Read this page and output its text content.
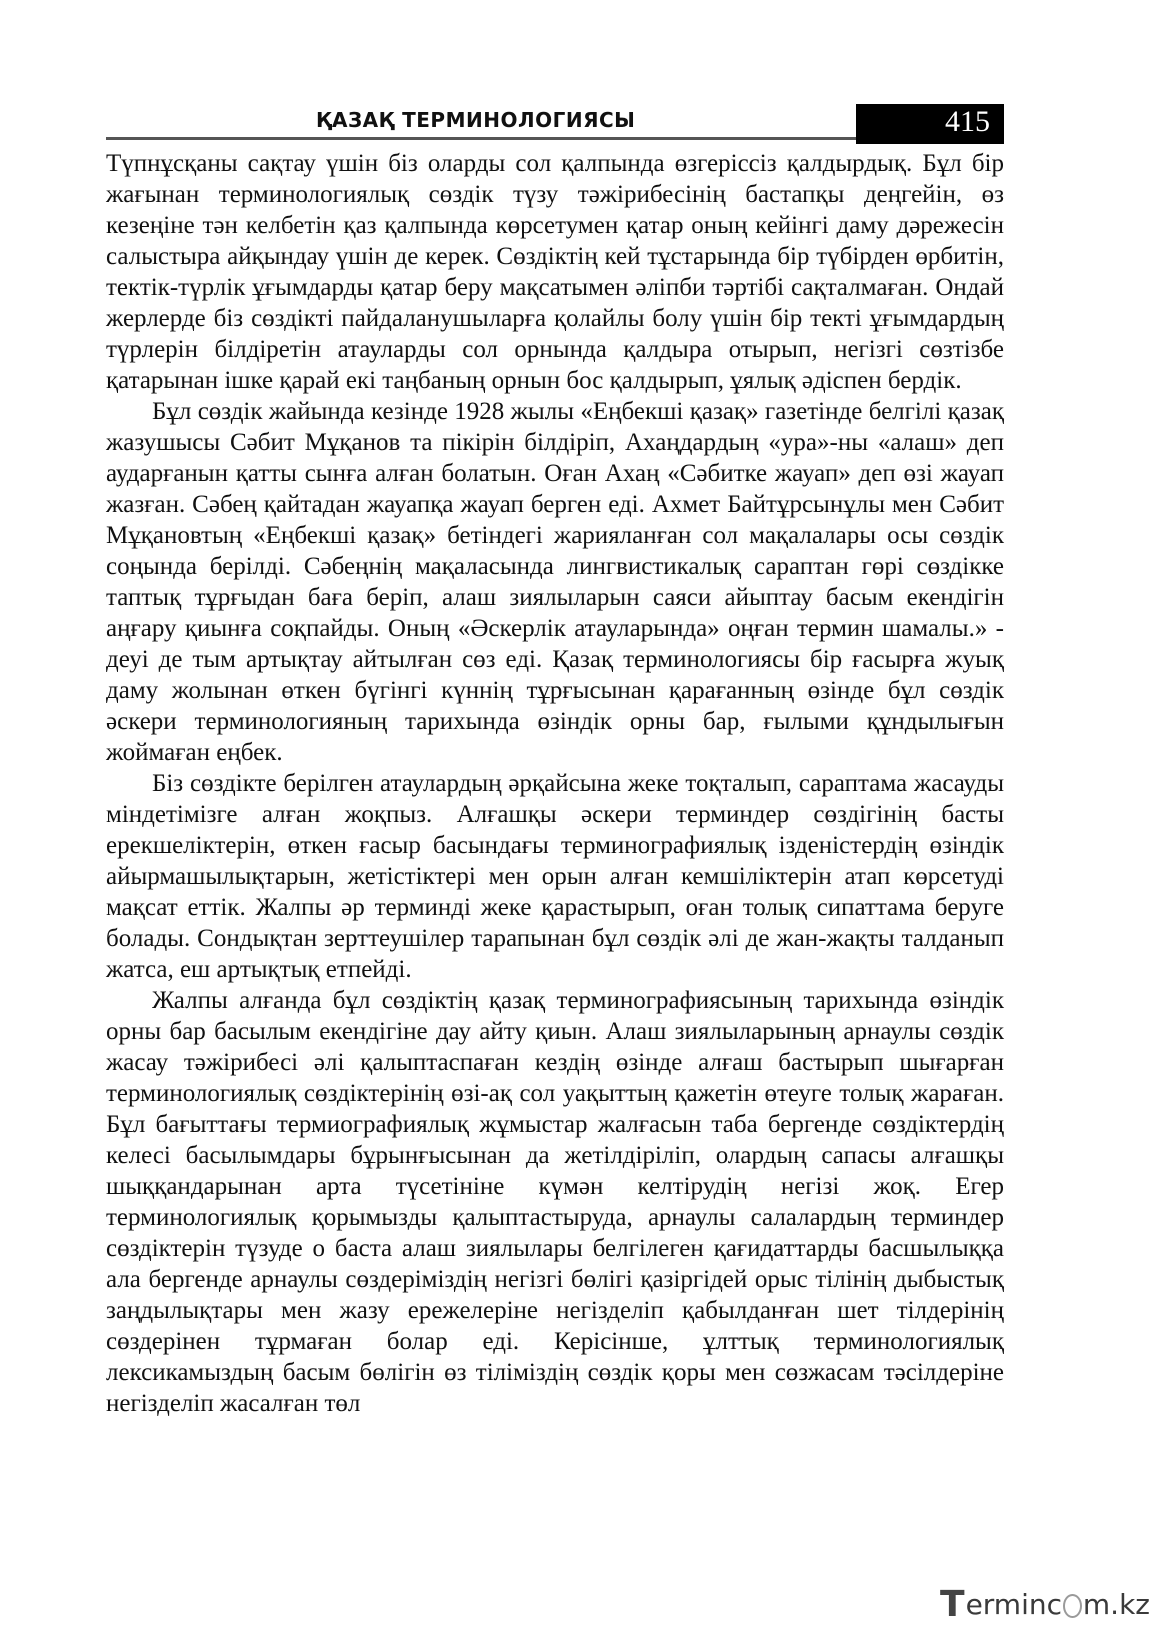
ҚАЗАҚ ТЕРМИНОЛОГИЯСЫ	415

Түпнұсқаны сақтау үшін біз оларды сол қалпында өзгеріссіз қалдырдық. Бұл бір жағынан терминологиялық сөздік түзу тәжірибесінің бастапқы деңгейін, өз кезеңіне тән келбетін қаз қалпында көрсетумен қатар оның кейінгі даму дәрежесін салыстыра айқындау үшін де керек. Сөздіктің кей тұстарында бір түбірден өрбитін, тектік-түрлік ұғымдарды қатар беру мақсатымен әліпби тәртібі сақталмаған. Ондай жерлерде біз сөздікті пайдаланушыларға қолайлы болу үшін бір текті ұғымдардың түрлерін білдіретін атауларды сол орнында қалдыра отырып, негізгі сөзтізбе қатарынан ішке қарай екі таңбаның орнын бос қалдырып, ұялық әдіспен бердік.

Бұл сөздік жайында кезінде 1928 жылы «Еңбекші қазақ» газетінде белгілі қазақ жазушысы Сәбит Мұқанов та пікірін білдіріп, Ахаңдардың «ура»-ны «алаш» деп аударғанын қатты сынға алған болатын. Оған Ахаң «Сәбитке жауап» деп өзі жауап жазған. Сәбең қайтадан жауапқа жауап берген еді. Ахмет Байтұрсынұлы мен Сәбит Мұқановтың «Еңбекші қазақ» бетіндегі жарияланған сол мақалалары осы сөздік соңында берілді. Сәбеңнің мақаласында лингвистикалық сараптан гөрі сөздікке таптық тұрғыдан баға беріп, алаш зиялыларын саяси айыптау басым екендігін аңғару қиынға соқпайды. Оның «Әскерлік атауларында» оңған термин шамалы.» - деуі де тым артықтау айтылған сөз еді. Қазақ терминологиясы бір ғасырға жуық даму жолынан өткен бүгінгі күннің тұрғысынан қарағанның өзінде бұл сөздік әскери терминологияның тарихында өзіндік орны бар, ғылыми құндылығын жоймаған еңбек.

Біз сөздікте берілген атаулардың әрқайсына жеке тоқталып, сараптама жасауды міндетімізге алған жоқпыз. Алғашқы әскери терминдер сөздігінің басты ерекшеліктерін, өткен ғасыр басындағы терминографиялық ізденістердің өзіндік айырмашылықтарын, жетістіктері мен орын алған кемшіліктерін атап көрсетуді мақсат еттік. Жалпы әр терминді жеке қарастырып, оған толық сипаттама беруге болады. Сондықтан зерттеушілер тарапынан бұл сөздік әлі де жан-жақты талданып жатса, еш артықтық етпейді.

Жалпы алғанда бұл сөздіктің қазақ терминографиясының тарихында өзіндік орны бар басылым екендігіне дау айту қиын. Алаш зиялыларының арнаулы сөздік жасау тәжірибесі әлі қалыптаспаған кездің өзінде алғаш бастырып шығарған терминологиялық сөздіктерінің өзі-ақ сол уақыттың қажетін өтеуге толық жараған. Бұл бағыттағы термиографиялық жұмыстар жалғасын таба бергенде сөздіктердің келесі басылымдары бұрынғысынан да жетілдіріліп, олардың сапасы алғашқы шыққандарынан арта түсетініне күмән келтірудің негізі жоқ. Егер терминологиялық қорымызды қалыптастыруда, арнаулы салалардың терминдер сөздіктерін түзуде о баста алаш зиялылары белгілеген қағидаттарды басшылыққа ала бергенде арнаулы сөздеріміздің негізгі бөлігі қазіргідей орыс тілінің дыбыстық заңдылықтары мен жазу ережелеріне негізделіп қабылданған шет тілдерінің сөздерінен тұрмаған болар еді. Керісінше, ұлттық терминологиялық лексикамыздың басым бөлігін өз тіліміздің сөздік қоры мен сөзжасам тәсілдеріне негізделіп жасалған төл

T erminc m.kz
